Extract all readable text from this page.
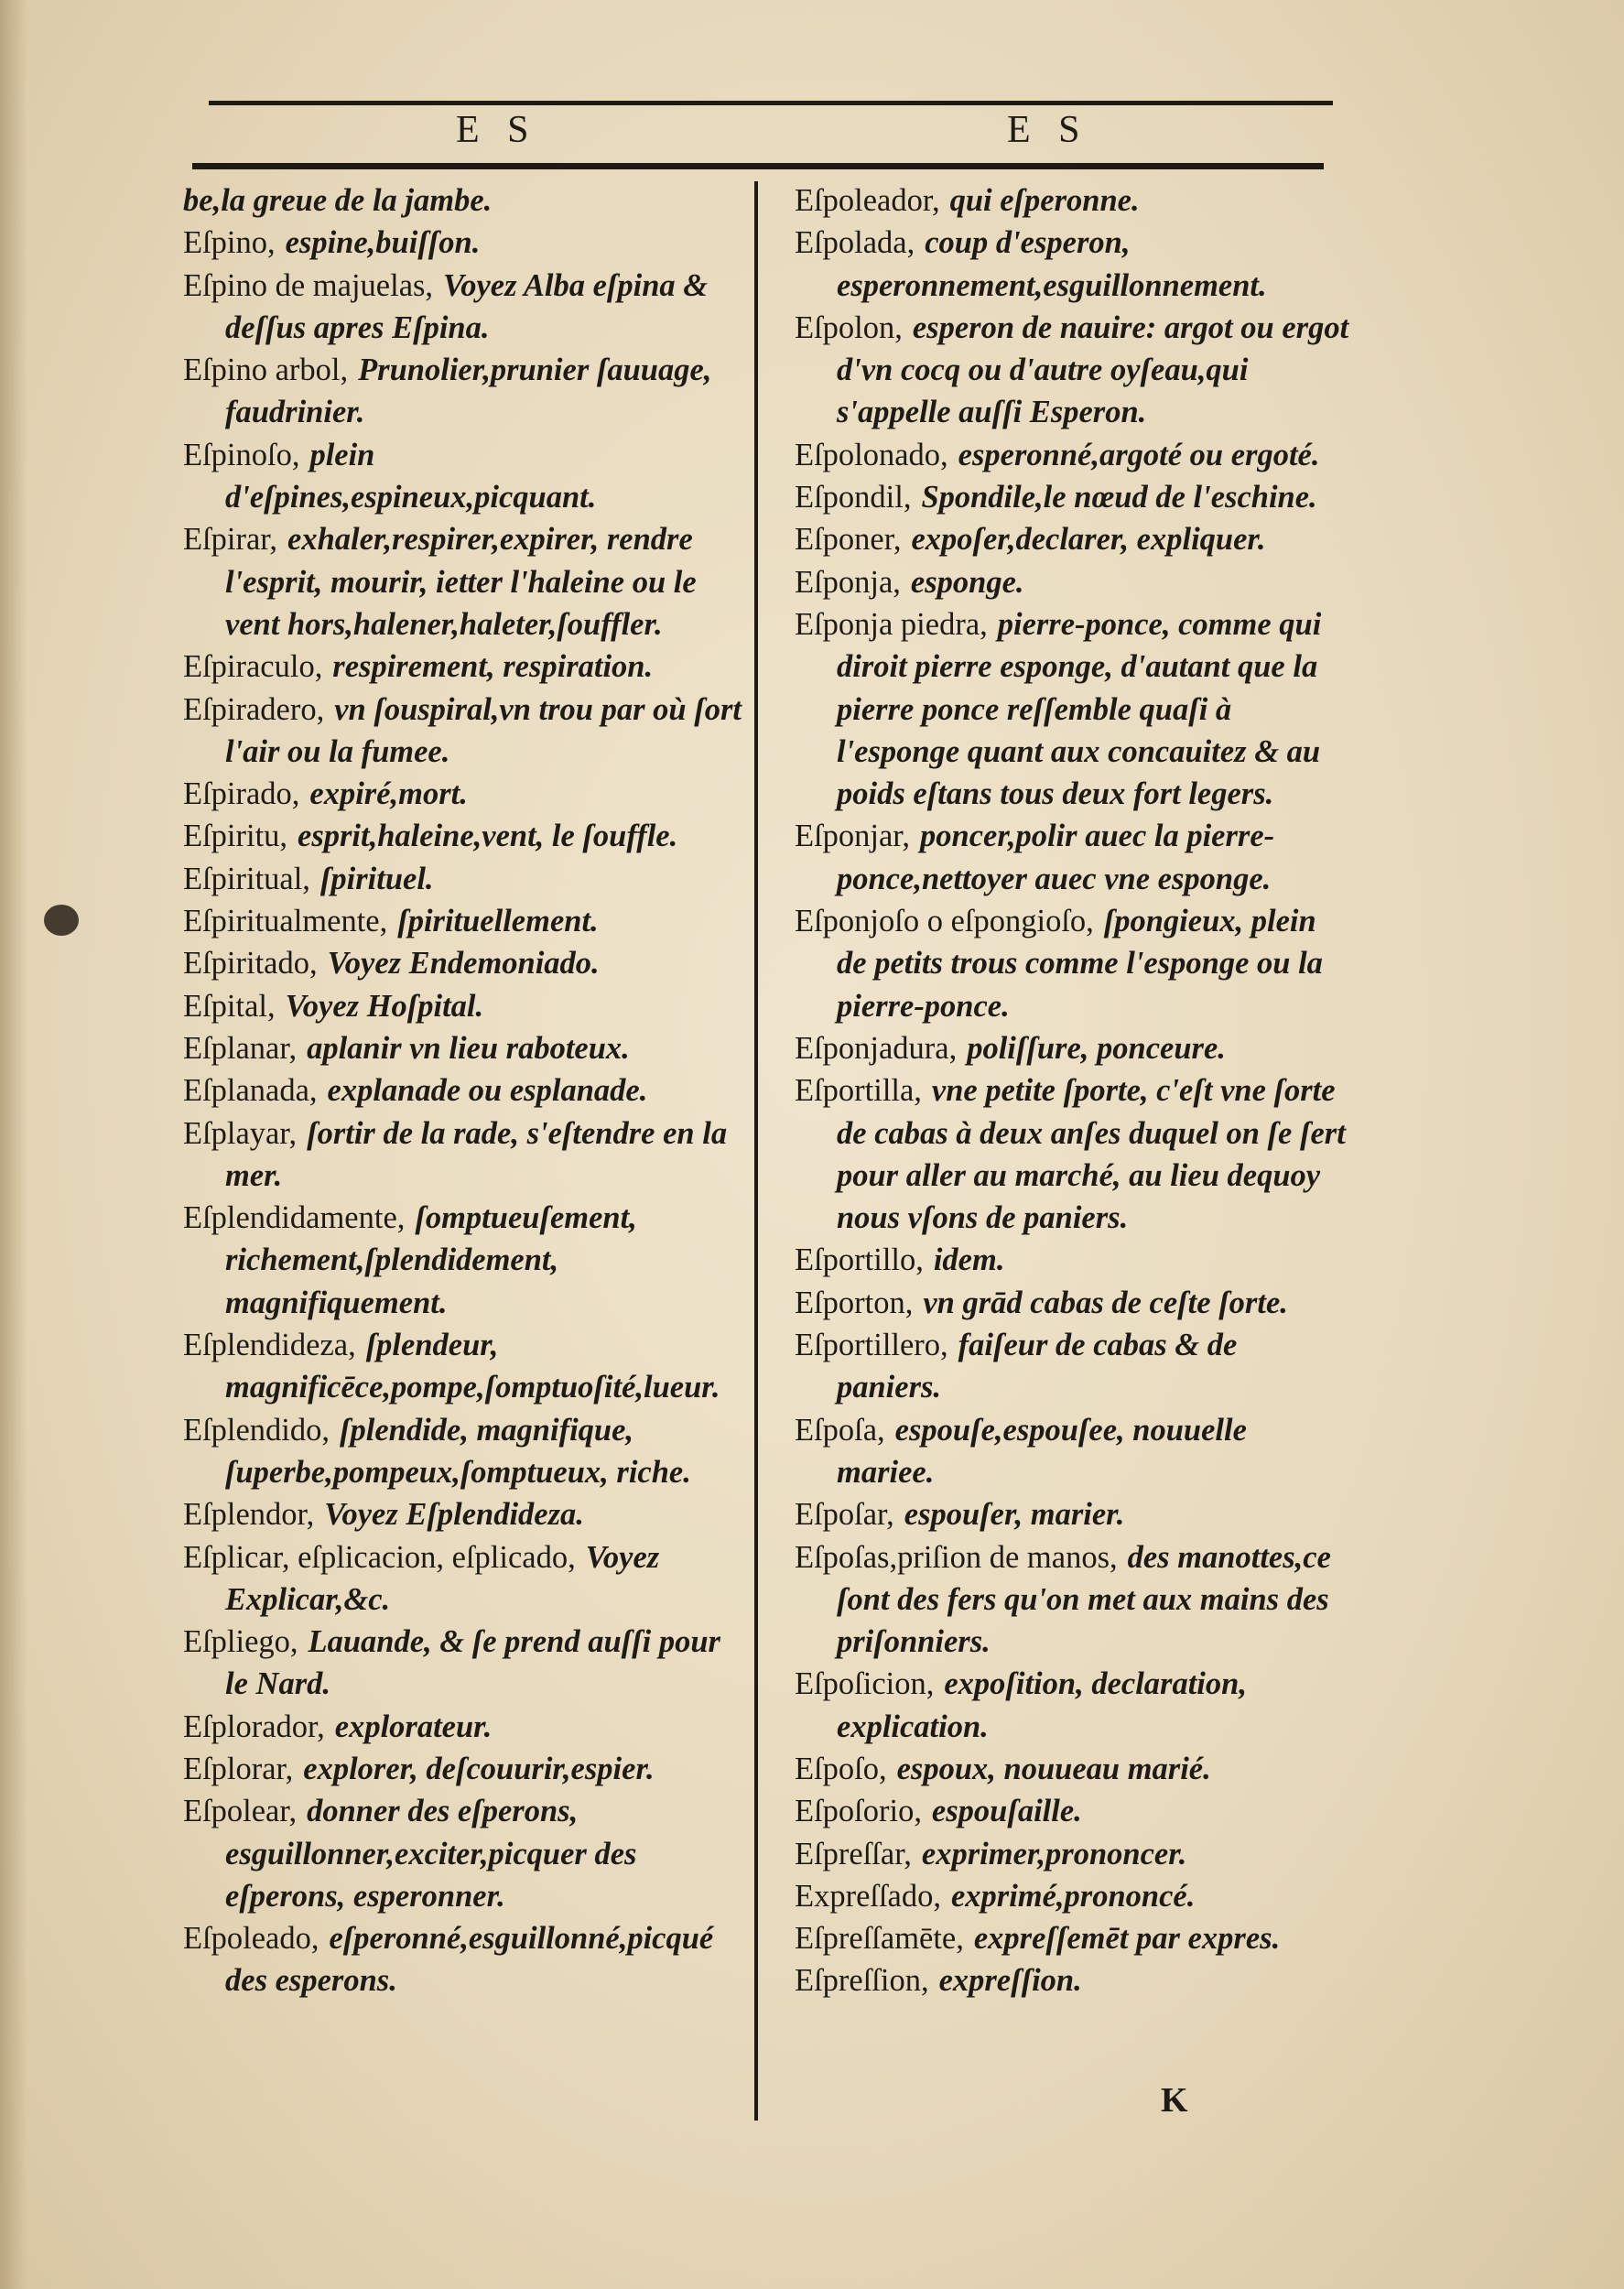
E S	E S

be,la greue de la jambe.

Eſpino, espine,buiſſon.

Eſpino de majuelas, Voyez Alba eſpina & deſſus apres Eſpina.

Eſpino arbol, Prunolier,prunier ſauuage, faudrinier.

Eſpinoſo, plein d'eſpines,espineux,picquant.

Eſpirar, exhaler,respirer,expirer, rendre l'esprit, mourir, ietter l'haleine ou le vent hors,halener,haleter,ſouffler.

Eſpiraculo, respirement, respiration.

Eſpiradero, vn ſouspiral,vn trou par où ſort l'air ou la fumee.

Eſpirado, expiré,mort.

Eſpiritu, esprit,haleine,vent, le ſouffle.

Eſpiritual, ſpirituel.

Eſpiritualmente, ſpirituellement.

Eſpiritado, Voyez Endemoniado.

Eſpital, Voyez Hoſpital.

Eſplanar, aplanir vn lieu raboteux.

Eſplanada, explanade ou esplanade.

Eſplayar, ſortir de la rade, s'eſtendre en la mer.

Eſplendidamente, ſomptueuſement, richement,ſplendidement, magnifiquement.

Eſplendideza, ſplendeur, magnificēce,pompe,ſomptuoſité,lueur.

Eſplendido, ſplendide, magnifique, ſuperbe,pompeux,ſomptueux, riche.

Eſplendor, Voyez Eſplendideza.

Eſplicar, eſplicacion, eſplicado, Voyez Explicar,&c.

Eſpliego, Lauande, & ſe prend auſſi pour le Nard.

Eſplorador, explorateur.

Eſplorar, explorer, deſcouurir,espier.

Eſpolear, donner des eſperons, esguillonner,exciter,picquer des eſperons, esperonner.

Eſpoleado, eſperonné,esguillonné,picqué des esperons.

Eſpoleador, qui eſperonne.

Eſpolada, coup d'esperon, esperonnement,esguillonnement.

Eſpolon, esperon de nauire: argot ou ergot d'vn cocq ou d'autre oyſeau,qui s'appelle auſſi Esperon.

Eſpolonado, esperonné,argoté ou ergoté.

Eſpondil, Spondile,le nœud de l'eschine.

Eſponer, expoſer,declarer, expliquer.

Eſponja, esponge.

Eſponja piedra, pierre-ponce, comme qui diroit pierre esponge, d'autant que la pierre ponce reſſemble quaſi à l'esponge quant aux concauitez & au poids eſtans tous deux fort legers.

Eſponjar, poncer,polir auec la pierre-ponce,nettoyer auec vne esponge.

Eſponjoſo o eſpongioſo, ſpongieux, plein de petits trous comme l'esponge ou la pierre-ponce.

Eſponjadura, poliſſure, ponceure.

Eſportilla, vne petite ſporte, c'eſt vne ſorte de cabas à deux anſes duquel on ſe ſert pour aller au marché, au lieu dequoy nous vſons de paniers.

Eſportillo, idem.

Eſporton, vn grād cabas de ceſte ſorte.

Eſportillero, faiſeur de cabas & de paniers.

Eſpoſa, espouſe,espouſee, nouuelle mariee.

Eſpoſar, espouſer, marier.

Eſpoſas,priſion de manos, des manottes,ce ſont des fers qu'on met aux mains des priſonniers.

Eſpoſicion, expoſition, declaration, explication.

Eſpoſo, espoux, nouueau marié.

Eſpoſorio, espouſaille.

Eſpreſſar, exprimer,prononcer.

Expreſſado, exprimé,prononcé.

Eſpreſſamēte, expreſſemēt par expres.

Eſpreſſion, expreſſion.

K
